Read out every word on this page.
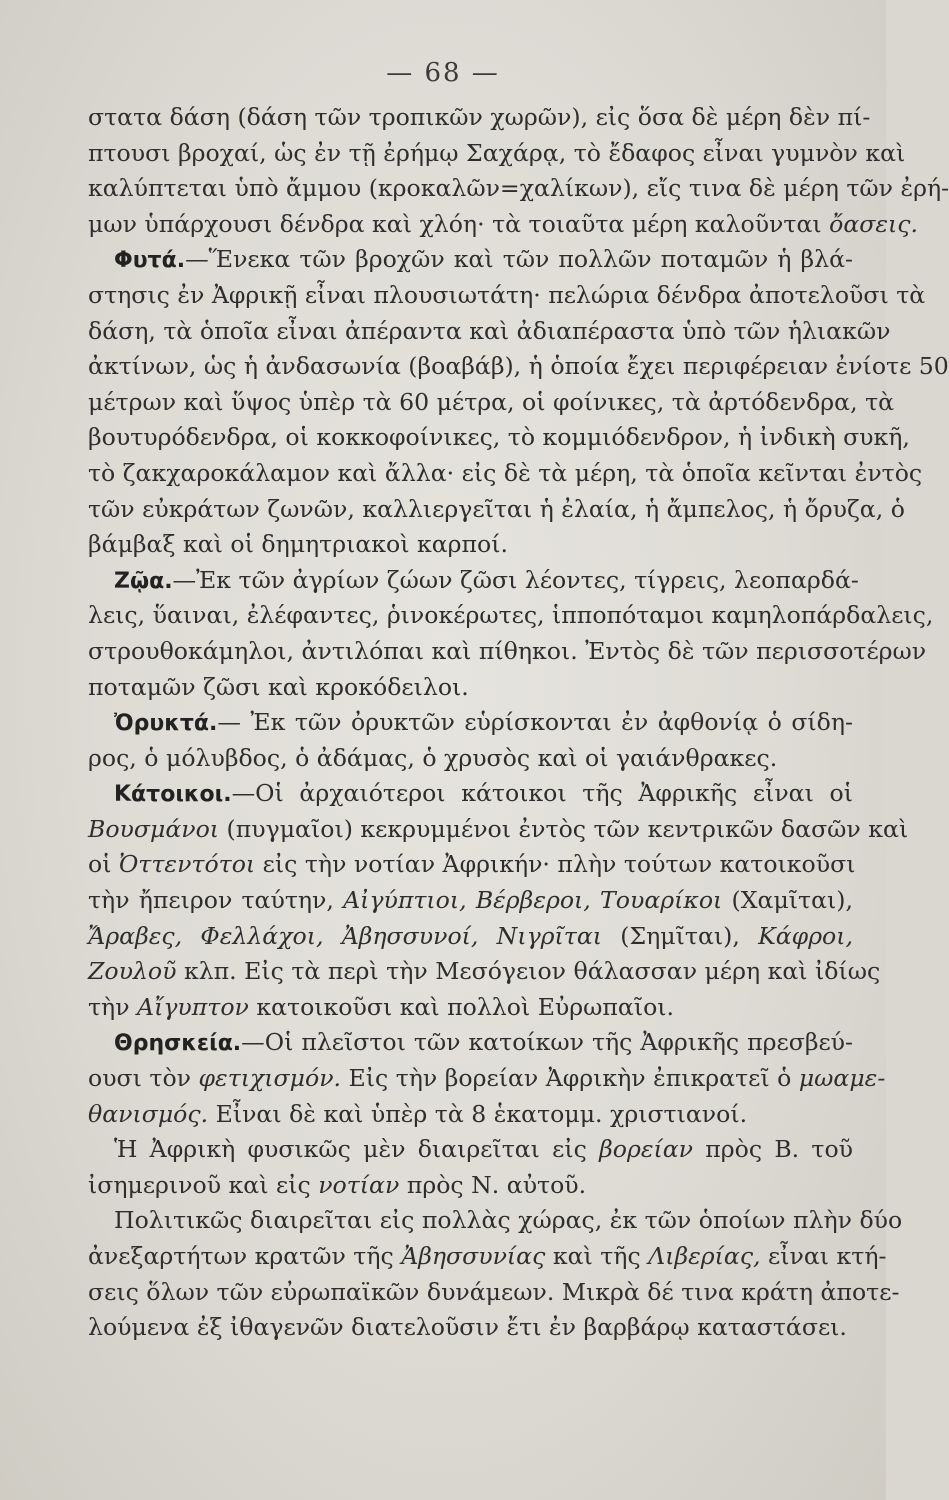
— 68 —
στατα δάση (δάση τῶν τροπικῶν χωρῶν), εἰς ὅσα δὲ μέρη δὲν πί-
πτουσι βροχαί, ὡς ἐν τῇ ἐρήμῳ Σαχάρᾳ, τὸ ἔδαφος εἶναι γυμνὸν καὶ
καλύπτεται ὑπὸ ἄμμου (κροκαλῶν=χαλίκων), εἴς τινα δὲ μέρη τῶν ἐρή-
μων ὑπάρχουσι δένδρα καὶ χλόη· τὰ τοιαῦτα μέρη καλοῦνται ὄασεις.
Φυτά.—Ἕνεκα τῶν βροχῶν καὶ τῶν πολλῶν ποταμῶν ἡ βλά-
στησις ἐν Ἀφρικῇ εἶναι πλουσιωτάτη· πελώρια δένδρα ἀποτελοῦσι τὰ
δάση, τὰ ὁποῖα εἶναι ἀπέραντα καὶ ἀδιαπέραστα ὑπὸ τῶν ἡλιακῶν
ἀκτίνων, ὡς ἡ ἀνδασωνία (βοαβάβ), ἡ ὁποία ἔχει περιφέρειαν ἐνίοτε 50
μέτρων καὶ ὕψος ὑπὲρ τὰ 60 μέτρα, οἱ φοίνικες, τὰ ἀρτόδενδρα, τὰ
βουτυρόδενδρα, οἱ κοκκοφοίνικες, τὸ κομμιόδενδρον, ἡ ἰνδικὴ συκῆ,
τὸ ζακχαροκάλαμον καὶ ἄλλα· εἰς δὲ τὰ μέρη, τὰ ὁποῖα κεῖνται ἐντὸς
τῶν εὐκράτων ζωνῶν, καλλιεργεῖται ἡ ἐλαία, ἡ ἄμπελος, ἡ ὄρυζα, ὁ
βάμβαξ καὶ οἱ δημητριακοὶ καρποί.
Ζῷα.—Ἐκ τῶν ἀγρίων ζώων ζῶσι λέοντες, τίγρεις, λεοπαρδά-
λεις, ὕαιναι, ἐλέφαντες, ῥινοκέρωτες, ἱπποπόταμοι καμηλοπάρδαλεις,
στρουθοκάμηλοι, ἀντιλόπαι καὶ πίθηκοι. Ἐντὸς δὲ τῶν περισσοτέρων
ποταμῶν ζῶσι καὶ κροκόδειλοι.
Ὀρυκτά.— Ἐκ τῶν ὀρυκτῶν εὑρίσκονται ἐν ἀφθονίᾳ ὁ σίδη-
ρος, ὁ μόλυβδος, ὁ ἀδάμας, ὁ χρυσὸς καὶ οἱ γαιάνθρακες.
Κάτοικοι.—Οἱ ἀρχαιότεροι κάτοικοι τῆς Ἀφρικῆς εἶναι οἱ
Βουσμάνοι (πυγμαῖοι) κεκρυμμένοι ἐντὸς τῶν κεντρικῶν δασῶν καὶ
οἱ Ὀττεντότοι εἰς τὴν νοτίαν Ἀφρικήν· πλὴν τούτων κατοικοῦσι
τὴν ἤπειρον ταύτην, Αἰγύπτιοι, Βέρβεροι, Τουαρίκοι (Χαμῖται),
Ἄραβες, Φελλάχοι, Ἀβησσυνοί, Νιγρῖται (Σημῖται), Κάφροι,
Ζουλοῦ κλπ. Εἰς τὰ περὶ τὴν Μεσόγειον θάλασσαν μέρη καὶ ἰδίως
τὴν Αἴγυπτον κατοικοῦσι καὶ πολλοὶ Εὐρωπαῖοι.
Θρησκεία.—Οἱ πλεῖστοι τῶν κατοίκων τῆς Ἀφρικῆς πρεσβεύ-
ουσι τὸν φετιχισμόν. Εἰς τὴν βορείαν Ἀφρικὴν ἐπικρατεῖ ὁ μωαμε-
θανισμός. Εἶναι δὲ καὶ ὑπὲρ τὰ 8 ἑκατομμ. χριστιανοί.
Ἡ Ἀφρικὴ φυσικῶς μὲν διαιρεῖται εἰς βορείαν πρὸς Β. τοῦ
ἰσημερινοῦ καὶ εἰς νοτίαν πρὸς Ν. αὐτοῦ.
Πολιτικῶς διαιρεῖται εἰς πολλὰς χώρας, ἐκ τῶν ὁποίων πλὴν δύο
ἀνεξαρτήτων κρατῶν τῆς Ἀβησσυνίας καὶ τῆς Λιβερίας, εἶναι κτή-
σεις ὅλων τῶν εὐρωπαϊκῶν δυνάμεων. Μικρὰ δέ τινα κράτη ἀποτε-
λούμενα ἐξ ἰθαγενῶν διατελοῦσιν ἔτι ἐν βαρβάρῳ καταστάσει.
